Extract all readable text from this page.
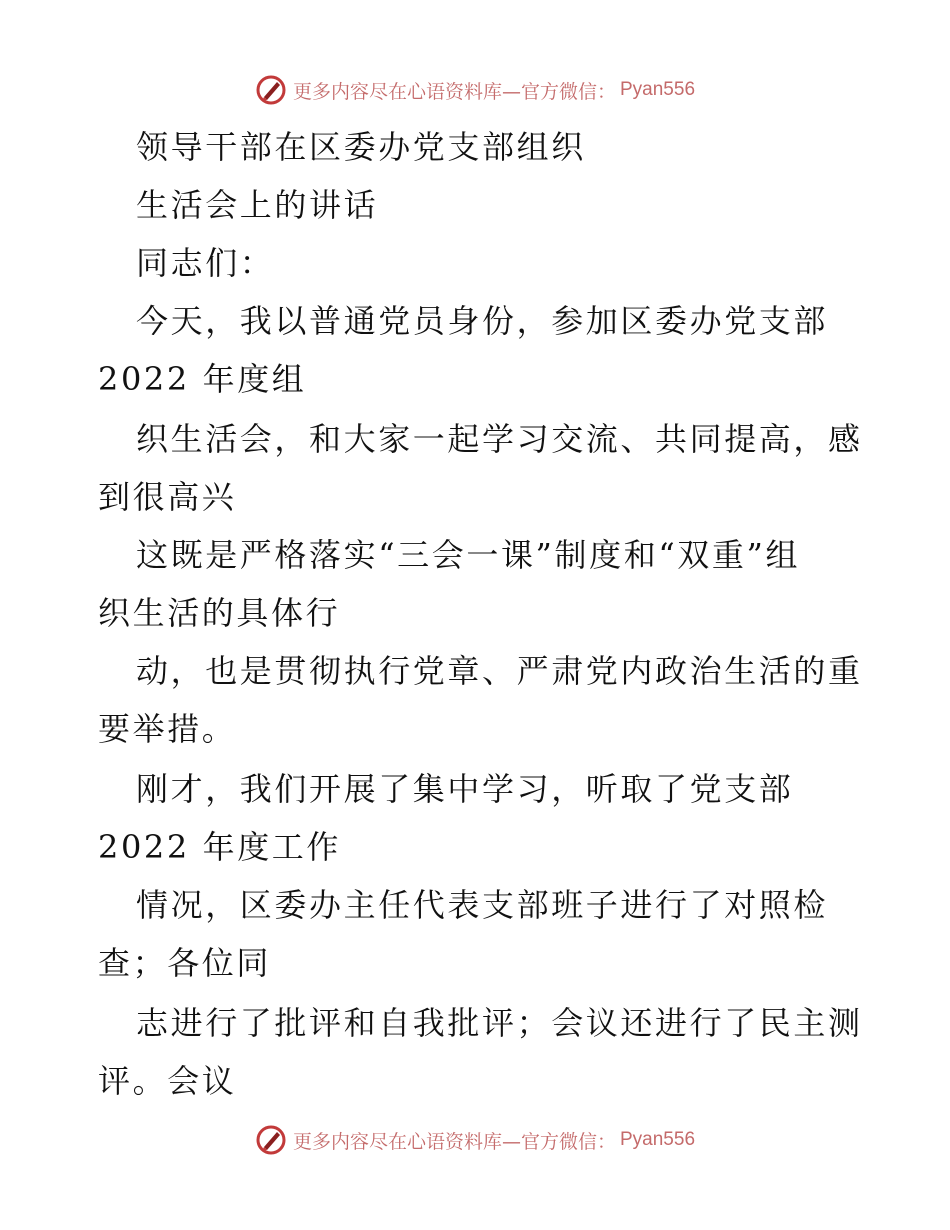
更多内容尽在心语资料库—官方微信： Pyan556
领导干部在区委办党支部组织
生活会上的讲话
同志们：
今天，我以普通党员身份，参加区委办党支部
2022 年度组
织生活会，和大家一起学习交流、共同提高，感
到很高兴
这既是严格落实“三会一课”制度和“双重”组
织生活的具体行
动，也是贯彻执行党章、严肃党内政治生活的重
要举措。
刚才，我们开展了集中学习，听取了党支部
2022 年度工作
情况，区委办主任代表支部班子进行了对照检
查；各位同
志进行了批评和自我批评；会议还进行了民主测
评。会议
更多内容尽在心语资料库—官方微信： Pyan556
